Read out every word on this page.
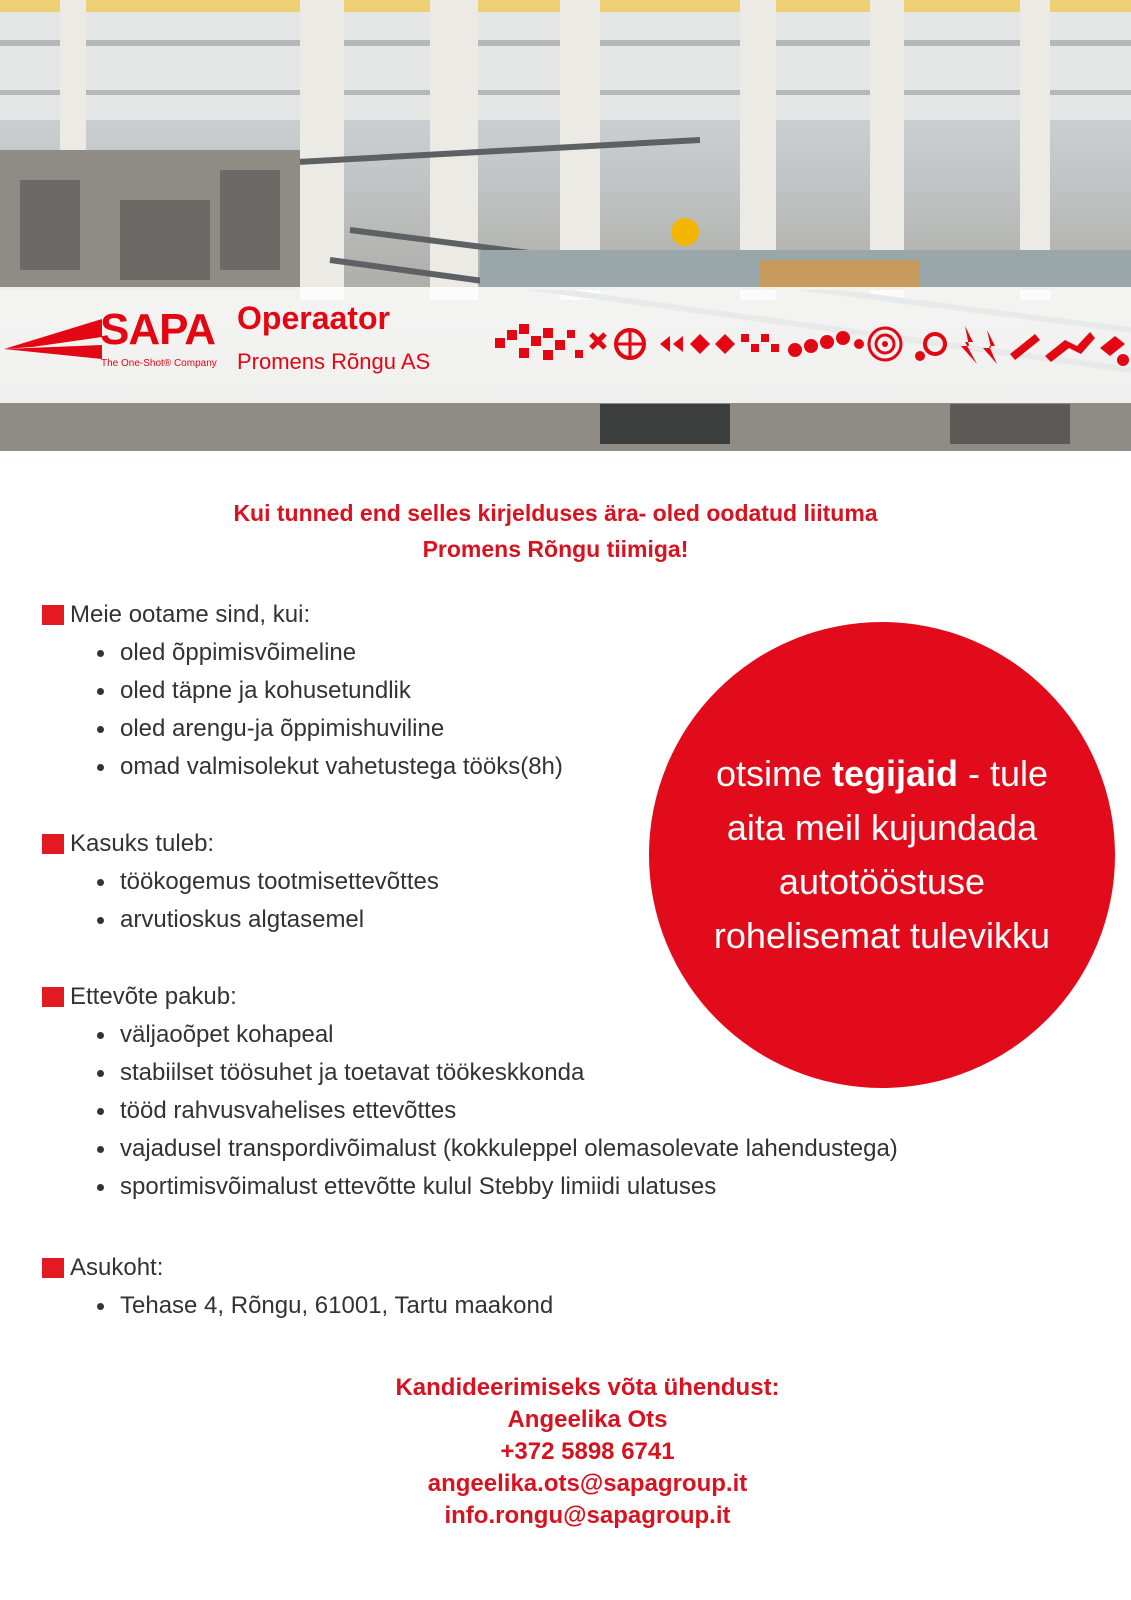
SAPA
The One-Shot® Company
Operaator
Promens Rõngu AS
Kui tunned end selles kirjelduses ära- oled oodatud liituma
Promens Rõngu tiimiga!
Meie ootame sind, kui:
oled õppimisvõimeline
oled täpne ja kohusetundlik
oled arengu-ja õppimishuviline
omad valmisolekut vahetustega tööks(8h)
Kasuks tuleb:
töökogemus tootmisettevõttes
arvutioskus algtasemel
Ettevõte pakub:
väljaoõpet kohapeal
stabiilset töösuhet ja toetavat töökeskkonda
tööd rahvusvahelises ettevõttes
vajadusel transpordivõimalust (kokkuleppel olemasolevate lahendustega)
sportimisvõimalust ettevõtte kulul Stebby limiidi ulatuses
Asukoht:
Tehase 4, Rõngu, 61001, Tartu maakond

otsime tegijaid - tule
aita meil kujundada
autotööstuse
rohelisemat tulevikku

Kandideerimiseks võta ühendust:
Angeelika Ots
+372 5898 6741
angeelika.ots@sapagroup.it
info.rongu@sapagroup.it
